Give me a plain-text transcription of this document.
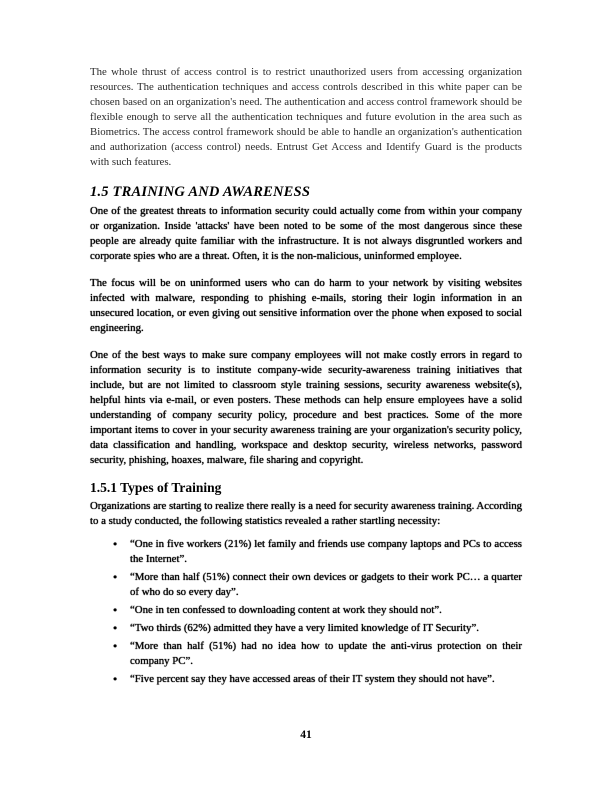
The whole thrust of access control is to restrict unauthorized users from accessing organization resources. The authentication techniques and access controls described in this white paper can be chosen based on an organization's need. The authentication and access control framework should be flexible enough to serve all the authentication techniques and future evolution in the area such as Biometrics. The access control framework should be able to handle an organization's authentication and authorization (access control) needs. Entrust Get Access and Identify Guard is the products with such features.

1.5 TRAINING AND AWARENESS

One of the greatest threats to information security could actually come from within your company or organization. Inside 'attacks' have been noted to be some of the most dangerous since these people are already quite familiar with the infrastructure. It is not always disgruntled workers and corporate spies who are a threat. Often, it is the non-malicious, uninformed employee.

The focus will be on uninformed users who can do harm to your network by visiting websites infected with malware, responding to phishing e-mails, storing their login information in an unsecured location, or even giving out sensitive information over the phone when exposed to social engineering.

One of the best ways to make sure company employees will not make costly errors in regard to information security is to institute company-wide security-awareness training initiatives that include, but are not limited to classroom style training sessions, security awareness website(s), helpful hints via e-mail, or even posters. These methods can help ensure employees have a solid understanding of company security policy, procedure and best practices. Some of the more important items to cover in your security awareness training are your organization's security policy, data classification and handling, workspace and desktop security, wireless networks, password security, phishing, hoaxes, malware, file sharing and copyright.

1.5.1 Types of Training

Organizations are starting to realize there really is a need for security awareness training. According to a study conducted, the following statistics revealed a rather startling necessity:

• “One in five workers (21%) let family and friends use company laptops and PCs to access the Internet”.
• “More than half (51%) connect their own devices or gadgets to their work PC… a quarter of who do so every day”.
• “One in ten confessed to downloading content at work they should not”.
• “Two thirds (62%) admitted they have a very limited knowledge of IT Security”.
• “More than half (51%) had no idea how to update the anti-virus protection on their company PC”.
• “Five percent say they have accessed areas of their IT system they should not have”.
41
